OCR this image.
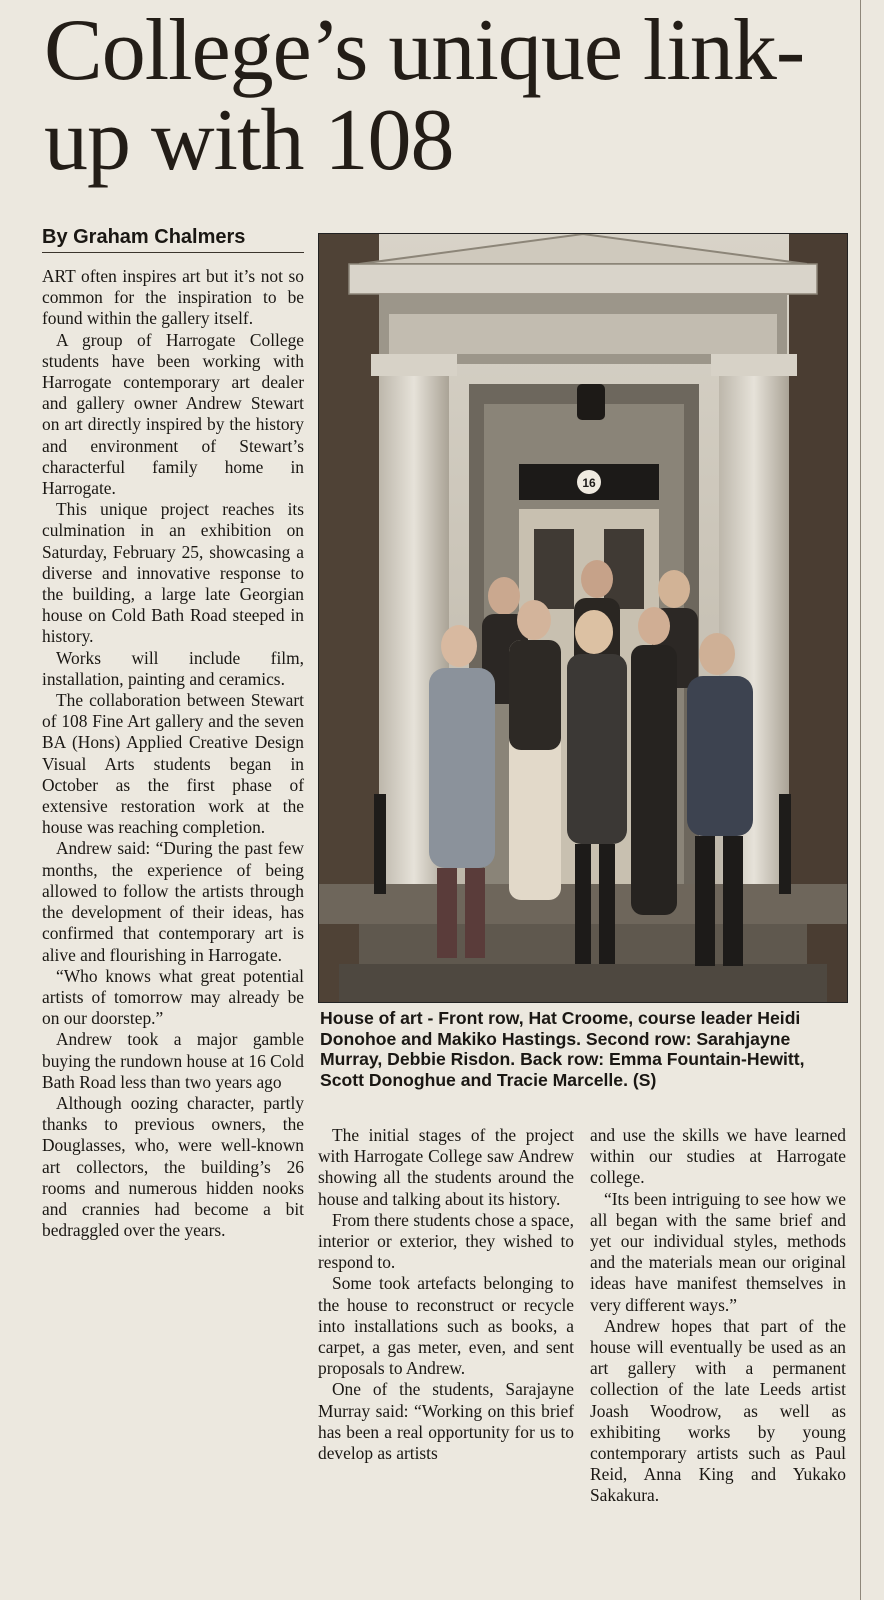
College’s unique link-up with 108
By Graham Chalmers

ART often inspires art but it’s not so common for the inspiration to be found within the gallery itself.

A group of Harrogate College students have been working with Harrogate contemporary art dealer and gallery owner Andrew Stewart on art directly inspired by the history and environment of Stewart’s characterful family home in Harrogate.

This unique project reaches its culmination in an exhibition on Saturday, February 25, showcasing a diverse and innovative response to the building, a large late Georgian house on Cold Bath Road steeped in history.

Works will include film, installation, painting and ceramics.

The collaboration between Stewart of 108 Fine Art gallery and the seven BA (Hons) Applied Creative Design Visual Arts students began in October as the first phase of extensive restoration work at the house was reaching completion.

Andrew said: “During the past few months, the experience of being allowed to follow the artists through the development of their ideas, has confirmed that contemporary art is alive and flourishing in Harrogate.

“Who knows what great potential artists of tomorrow may already be on our doorstep.”

Andrew took a major gamble buying the rundown house at 16 Cold Bath Road less than two years ago

Although oozing character, partly thanks to previous owners, the Douglasses, who, were well-known art collectors, the building’s 26 rooms and numerous hidden nooks and crannies had become a bit bedraggled over the years.

16
House of art - Front row, Hat Croome, course leader Heidi Donohoe and Makiko Hastings. Second row: Sarahjayne Murray, Debbie Risdon. Back row: Emma Fountain-Hewitt, Scott Donoghue and Tracie Marcelle. (S)

The initial stages of the project with Harrogate College saw Andrew showing all the students around the house and talking about its history.

From there students chose a space, interior or exterior, they wished to respond to.

Some took artefacts belonging to the house to reconstruct or recycle into installations such as books, a carpet, a gas meter, even, and sent proposals to Andrew.

One of the students, Sarajayne Murray said: “Working on this brief has been a real opportunity for us to develop as artists

and use the skills we have learned within our studies at Harrogate college.

“Its been intriguing to see how we all began with the same brief and yet our individual styles, methods and the materials mean our original ideas have manifest themselves in very different ways.”

Andrew hopes that part of the house will eventually be used as an art gallery with a permanent collection of the late Leeds artist Joash Woodrow, as well as exhibiting works by young contemporary artists such as Paul Reid, Anna King and Yukako Sakakura.
